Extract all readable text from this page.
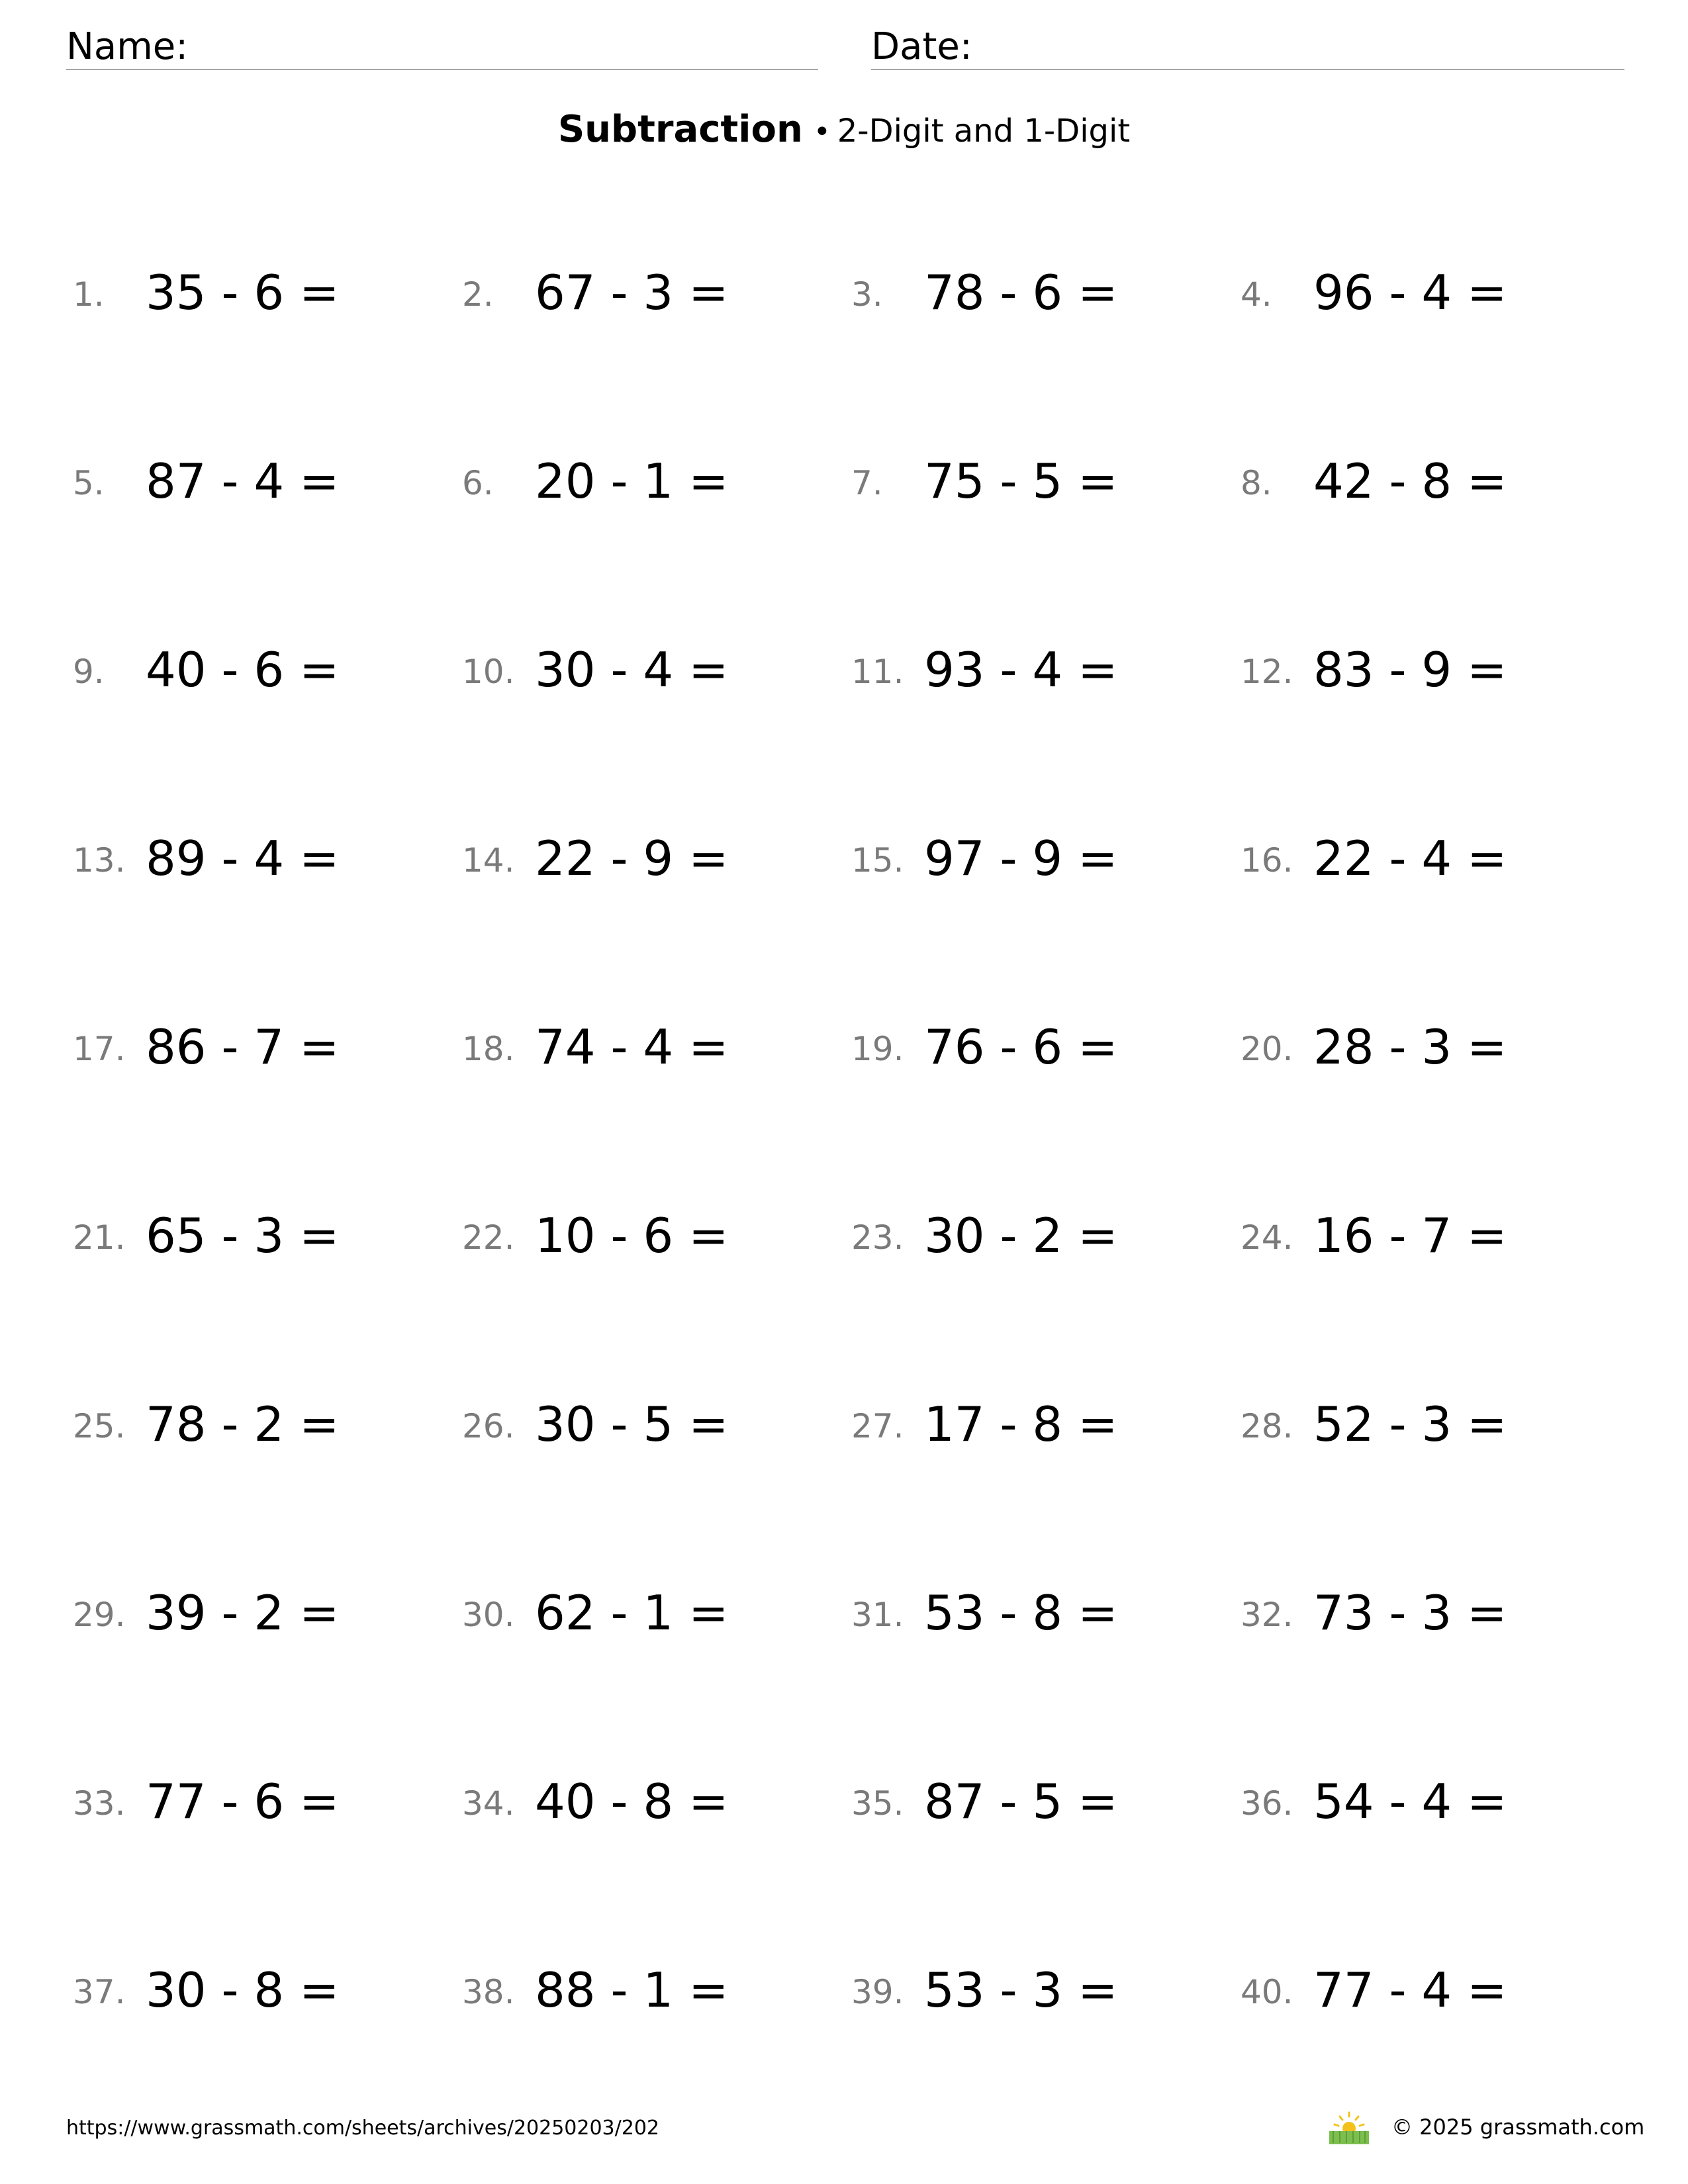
Name:	Date:
Subtraction • 2-Digit and 1-Digit
1. 35 - 6 =	2. 67 - 3 =	3. 78 - 6 =	4. 96 - 4 =
5. 87 - 4 =	6. 20 - 1 =	7. 75 - 5 =	8. 42 - 8 =
9. 40 - 6 =	10. 30 - 4 =	11. 93 - 4 =	12. 83 - 9 =
13. 89 - 4 =	14. 22 - 9 =	15. 97 - 9 =	16. 22 - 4 =
17. 86 - 7 =	18. 74 - 4 =	19. 76 - 6 =	20. 28 - 3 =
21. 65 - 3 =	22. 10 - 6 =	23. 30 - 2 =	24. 16 - 7 =
25. 78 - 2 =	26. 30 - 5 =	27. 17 - 8 =	28. 52 - 3 =
29. 39 - 2 =	30. 62 - 1 =	31. 53 - 8 =	32. 73 - 3 =
33. 77 - 6 =	34. 40 - 8 =	35. 87 - 5 =	36. 54 - 4 =
37. 30 - 8 =	38. 88 - 1 =	39. 53 - 3 =	40. 77 - 4 =
https://www.grassmath.com/sheets/archives/20250203/202	© 2025 grassmath.com
